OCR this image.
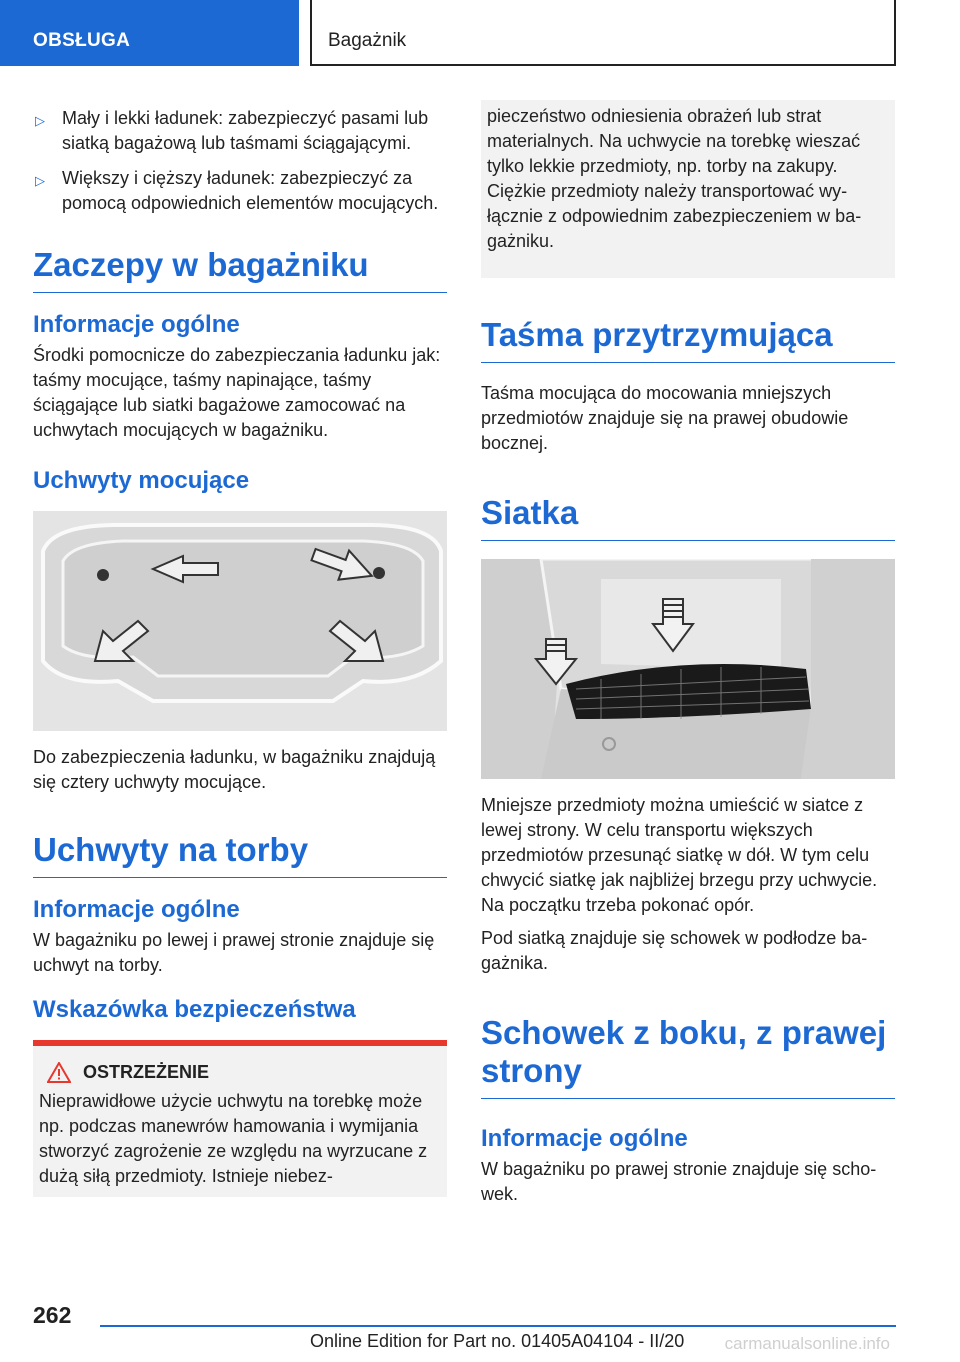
OBSŁUGA	Bagażnik
▷ Mały i lekki ładunek: zabezpieczyć pasami lub siatką bagażową lub taśmami ściągającymi.
▷ Większy i cięższy ładunek: zabezpieczyć za pomocą odpowiednich elementów mocujących.
Zaczepy w bagażniku
Informacje ogólne

Środki pomocnicze do zabezpieczania ładunku jak: taśmy mocujące, taśmy napinające, taśmy ściągające lub siatki bagażowe zamocować na uchwytach mocujących w bagażniku.

Uchwyty mocujące

Do zabezpieczenia ładunku, w bagażniku znajdują się cztery uchwyty mocujące.

Uchwyty na torby
Informacje ogólne

W bagażniku po lewej i prawej stronie znajduje się uchwyt na torby.

Wskazówka bezpieczeństwa
OSTRZEŻENIE

Nieprawidłowe użycie uchwytu na torebkę może np. podczas manewrów hamowania i wymijania stworzyć zagrożenie ze względu na wyrzucane z dużą siłą przedmioty. Istnieje niebez-

pieczeństwo odniesienia obrażeń lub strat materialnych. Na uchwycie na torebkę wieszać tylko lekkie przedmioty, np. torby na zakupy. Ciężkie przedmioty należy transportować wyłącznie z odpowiednim zabezpieczeniem w bagażniku.

Taśma przytrzymująca

Taśma mocująca do mocowania mniejszych przedmiotów znajduje się na prawej obudowie bocznej.

Siatka

Mniejsze przedmioty można umieścić w siatce z lewej strony. W celu transportu większych przedmiotów przesunąć siatkę w dół. W tym celu chwycić siatkę jak najbliżej brzegu przy uchwycie. Na początku trzeba pokonać opór.

Pod siatką znajduje się schowek w podłodze bagażnika.

Schowek z boku, z prawej strony
Informacje ogólne

W bagażniku po prawej stronie znajduje się schowek.

262
Online Edition for Part no. 01405A04104 - II/20 carmanualsonline.info
